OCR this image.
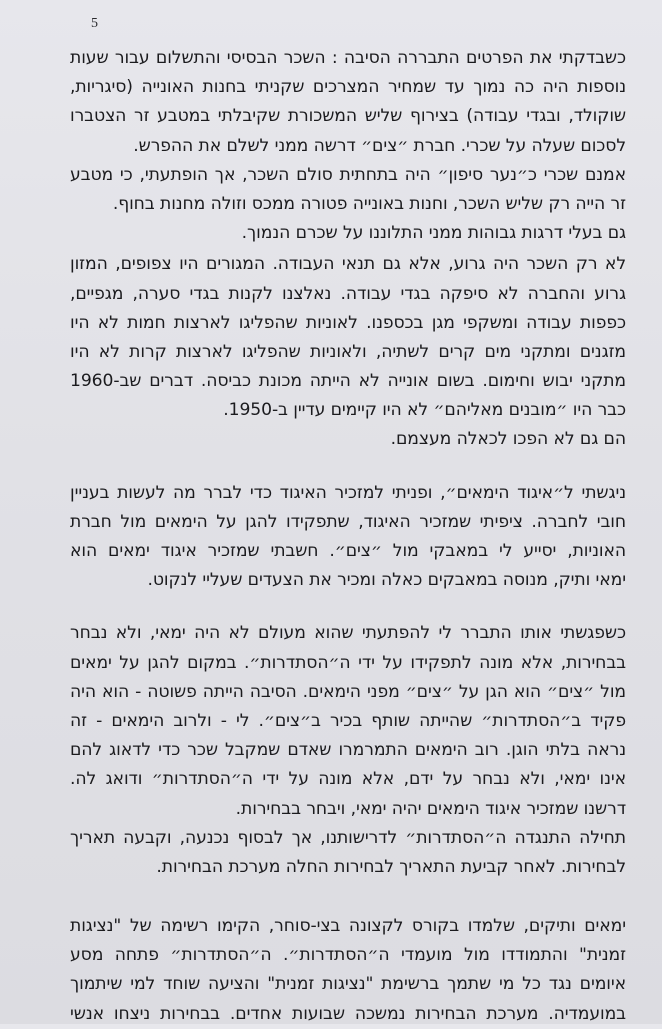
5
כשבדקתי את הפרטים התבררה הסיבה : השכר הבסיסי והתשלום עבור שעות
נוספות היה כה נמוך עד שמחיר המצרכים שקניתי בחנות האונייה (סיגריות,
שוקולד, ובגדי עבודה) בצירוף שליש המשכורת שקיבלתי במטבע זר הצטברו
לסכום שעלה על שכרי. חברת ״צים״ דרשה ממני לשלם את ההפרש.
אמנם שכרי כ״נער סיפון״ היה בתחתית סולם השכר, אך הופתעתי, כי מטבע
זר הייה רק שליש השכר, וחנות באונייה פטורה ממכס וזולה מחנות בחוף.
גם בעלי דרגות גבוהות ממני התלוננו על שכרם הנמוך.
לא רק השכר היה גרוע, אלא גם תנאי העבודה. המגורים היו צפופים, המזון
גרוע והחברה לא סיפקה בגדי עבודה. נאלצנו לקנות בגדי סערה, מגפיים,
כפפות עבודה ומשקפי מגן בכספנו. לאוניות שהפליגו לארצות חמות לא היו
מזגנים ומתקני מים קרים לשתיה, ולאוניות שהפליגו לארצות קרות לא היו
מתקני יבוש וחימום. בשום אונייה לא הייתה מכונת כביסה. דברים שב-1960
כבר היו ״מובנים מאליהם״ לא היו קיימים עדיין ב-1950.
הם גם לא הפכו לכאלה מעצמם.
ניגשתי ל״איגוד הימאים״, ופניתי למזכיר האיגוד כדי לברר מה לעשות בעניין
חובי לחברה. ציפיתי שמזכיר האיגוד, שתפקידו להגן על הימאים מול חברת
האוניות, יסייע לי במאבקי מול ״צים״. חשבתי שמזכיר איגוד ימאים הוא
ימאי ותיק, מנוסה במאבקים כאלה ומכיר את הצעדים שעליי לנקוט.
כשפגשתי אותו התברר לי להפתעתי שהוא מעולם לא היה ימאי, ולא נבחר
בבחירות, אלא מונה לתפקידו על ידי ה״הסתדרות״. במקום להגן על ימאים
מול ״צים״ הוא הגן על ״צים״ מפני הימאים. הסיבה הייתה פשוטה - הוא היה
פקיד ב״הסתדרות״ שהייתה שותף בכיר ב״צים״. לי - ולרוב הימאים - זה
נראה בלתי הוגן. רוב הימאים התמרמרו שאדם שמקבל שכר כדי לדאוג להם
אינו ימאי, ולא נבחר על ידם, אלא מונה על ידי ה״הסתדרות״ ודואג לה.
דרשנו שמזכיר איגוד הימאים יהיה ימאי, ויבחר בבחירות.
תחילה התנגדה ה״הסתדרות״ לדרישותנו, אך לבסוף נכנעה, וקבעה תאריך
לבחירות. לאחר קביעת התאריך לבחירות החלה מערכת הבחירות.
ימאים ותיקים, שלמדו בקורס לקצונה בצי-סוחר, הקימו רשימה של "נציגות
זמנית" והתמודדו מול מועמדי ה״הסתדרות״. ה״הסתדרות״ פתחה מסע
איומים נגד כל מי שתמך ברשימת "נציגות זמנית" והציעה שוחד למי שיתמוך
במועמדיה. מערכת הבחירות נמשכה שבועות אחדים. בבחירות ניצחו אנשי
